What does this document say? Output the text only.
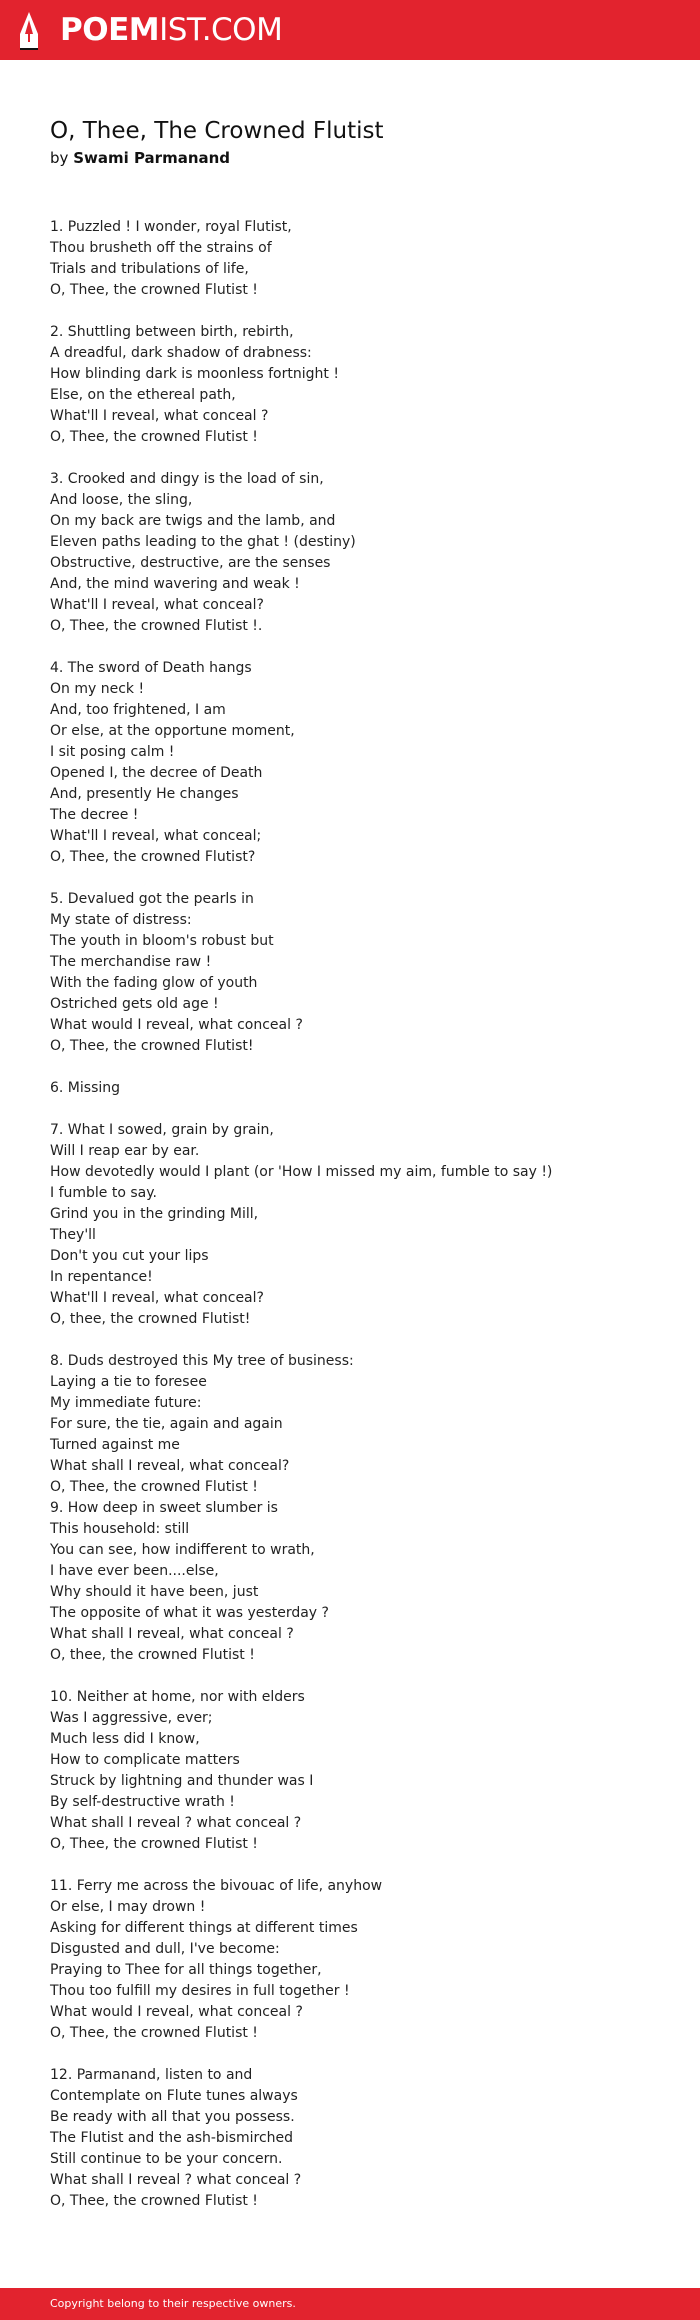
POEMIST.COM
O, Thee, The Crowned Flutist

by Swami Parmanand

1. Puzzled ! I wonder, royal Flutist,
Thou brusheth off the strains of
Trials and tribulations of life,
O, Thee, the crowned Flutist !
2. Shuttling between birth, rebirth,
A dreadful, dark shadow of drabness:
How blinding dark is moonless fortnight !
Else, on the ethereal path,
What'll I reveal, what conceal ?
O, Thee, the crowned Flutist !
3. Crooked and dingy is the load of sin,
And loose, the sling,
On my back are twigs and the lamb, and
Eleven paths leading to the ghat ! (destiny)
Obstructive, destructive, are the senses
And, the mind wavering and weak !
What'll I reveal, what conceal?
O, Thee, the crowned Flutist !.
4. The sword of Death hangs
On my neck !
And, too frightened, I am
Or else, at the opportune moment,
I sit posing calm !
Opened I, the decree of Death
And, presently He changes
The decree !
What'll I reveal, what conceal;
O, Thee, the crowned Flutist?
5. Devalued got the pearls in
My state of distress:
The youth in bloom's robust but
The merchandise raw !
With the fading glow of youth
Ostriched gets old age !
What would I reveal, what conceal ?
O, Thee, the crowned Flutist!
6. Missing
7. What I sowed, grain by grain,
Will I reap ear by ear.
How devotedly would I plant (or 'How I missed my aim, fumble to say !)
I fumble to say.
Grind you in the grinding Mill,
They'll
Don't you cut your lips
In repentance!
What'll I reveal, what conceal?
O, thee, the crowned Flutist!
8. Duds destroyed this My tree of business:
Laying a tie to foresee
My immediate future:
For sure, the tie, again and again
Turned against me
What shall I reveal, what conceal?
O, Thee, the crowned Flutist !
9. How deep in sweet slumber is
This household: still
You can see, how indifferent to wrath,
I have ever been....else,
Why should it have been, just
The opposite of what it was yesterday ?
What shall I reveal, what conceal ?
O, thee, the crowned Flutist !
10. Neither at home, nor with elders
Was I aggressive, ever;
Much less did I know,
How to complicate matters
Struck by lightning and thunder was I
By self-destructive wrath !
What shall I reveal ? what conceal ?
O, Thee, the crowned Flutist !
11. Ferry me across the bivouac of life, anyhow
Or else, I may drown !
Asking for different things at different times
Disgusted and dull, I've become:
Praying to Thee for all things together,
Thou too fulfill my desires in full together !
What would I reveal, what conceal ?
O, Thee, the crowned Flutist !
12. Parmanand, listen to and
Contemplate on Flute tunes always
Be ready with all that you possess.
The Flutist and the ash-bismirched
Still continue to be your concern.
What shall I reveal ? what conceal ?
O, Thee, the crowned Flutist !
Copyright belong to their respective owners.
